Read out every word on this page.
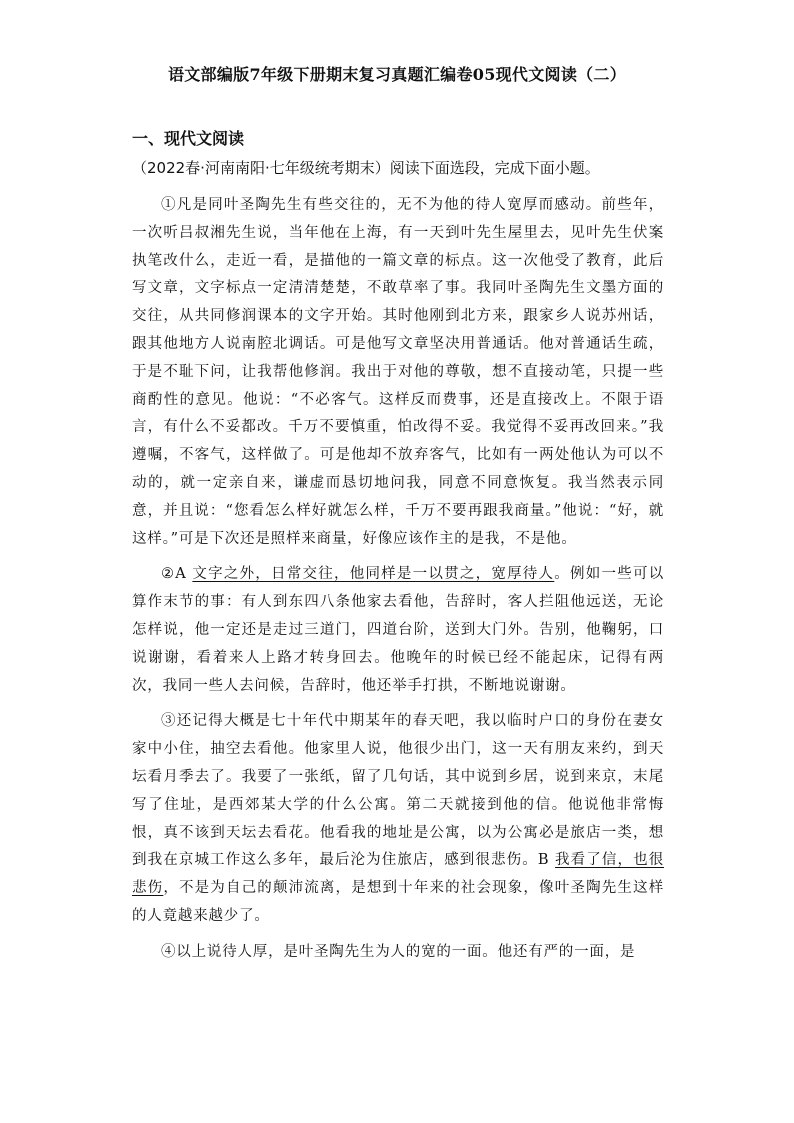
语文部编版7年级下册期末复习真题汇编卷05现代文阅读（二）
一、现代文阅读
（2022春·河南南阳·七年级统考期末）阅读下面选段，完成下面小题。

①凡是同叶圣陶先生有些交往的，无不为他的待人宽厚而感动。前些年，一次听吕叔湘先生说，当年他在上海，有一天到叶先生屋里去，见叶先生伏案执笔改什么，走近一看，是描他的一篇文章的标点。这一次他受了教育，此后写文章，文字标点一定清清楚楚，不敢草率了事。我同叶圣陶先生文墨方面的交往，从共同修润课本的文字开始。其时他刚到北方来，跟家乡人说苏州话，跟其他地方人说南腔北调话。可是他写文章坚决用普通话。他对普通话生疏，于是不耻下问，让我帮他修润。我出于对他的尊敬，想不直接动笔，只提一些商酌性的意见。他说：“不必客气。这样反而费事，还是直接改上。不限于语言，有什么不妥都改。千万不要慎重，怕改得不妥。我觉得不妥再改回来。”我遵嘱，不客气，这样做了。可是他却不放弃客气，比如有一两处他认为可以不动的，就一定亲自来，谦虚而恳切地问我，同意不同意恢复。我当然表示同意，并且说：“您看怎么样好就怎么样，千万不要再跟我商量。”他说：“好，就这样。”可是下次还是照样来商量，好像应该作主的是我，不是他。

②A 文字之外，日常交往，他同样是一以贯之，宽厚待人。例如一些可以算作末节的事：有人到东四八条他家去看他，告辞时，客人拦阻他远送，无论怎样说，他一定还是走过三道门，四道台阶，送到大门外。告别，他鞠躬，口说谢谢，看着来人上路才转身回去。他晚年的时候已经不能起床，记得有两次，我同一些人去问候，告辞时，他还举手打拱，不断地说谢谢。

③还记得大概是七十年代中期某年的春天吧，我以临时户口的身份在妻女家中小住，抽空去看他。他家里人说，他很少出门，这一天有朋友来约，到天坛看月季去了。我要了一张纸，留了几句话，其中说到乡居，说到来京，末尾写了住址，是西郊某大学的什么公寓。第二天就接到他的信。他说他非常悔恨，真不该到天坛去看花。他看我的地址是公寓，以为公寓必是旅店一类，想到我在京城工作这么多年，最后沦为住旅店，感到很悲伤。B 我看了信，也很悲伤，不是为自己的颠沛流离，是想到十年来的社会现象，像叶圣陶先生这样的人竟越来越少了。

④以上说待人厚，是叶圣陶先生为人的宽的一面。他还有严的一面，是
